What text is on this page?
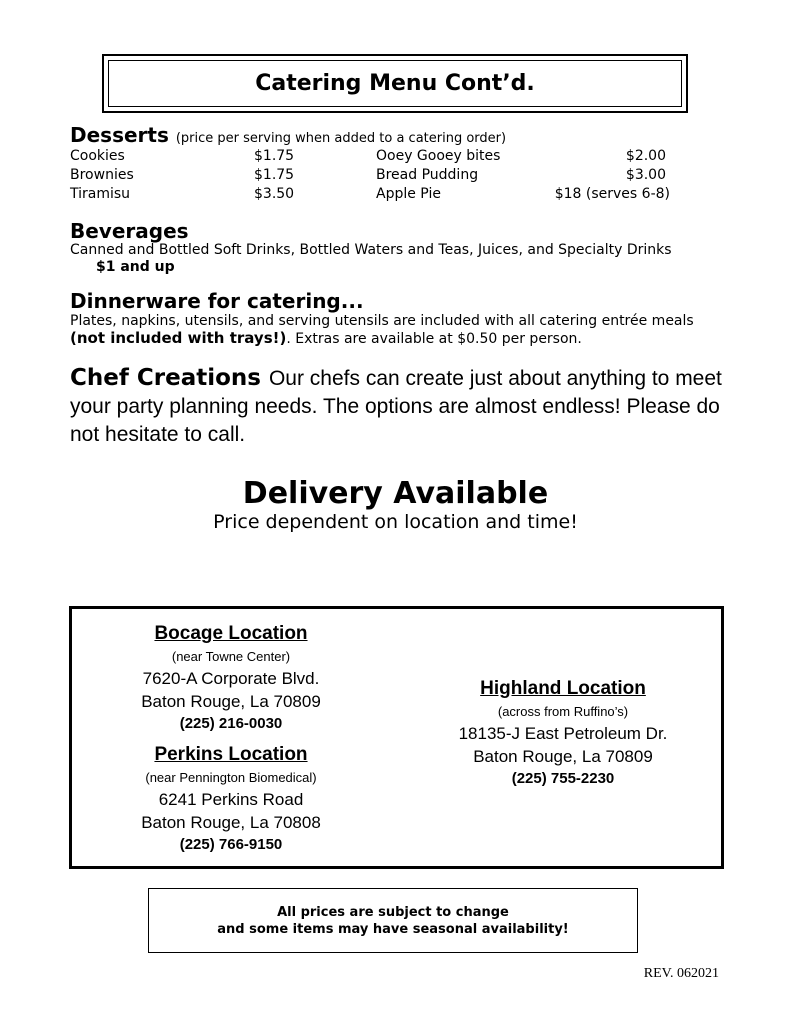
Catering Menu Cont’d.
Desserts (price per serving when added to a catering order)
Cookies	$1.75	Ooey Gooey bites	$2.00
Brownies	$1.75	Bread Pudding	$3.00
Tiramisu	$3.50	Apple Pie	$18 (serves 6-8)
Beverages
Canned and Bottled Soft Drinks, Bottled Waters and Teas, Juices, and Specialty Drinks $1 and up
Dinnerware for catering...
Plates, napkins, utensils, and serving utensils are included with all catering entrée meals (not included with trays!). Extras are available at $0.50 per person.
Chef Creations Our chefs can create just about anything to meet your party planning needs. The options are almost endless! Please do not hesitate to call.
Delivery Available
Price dependent on location and time!
Bocage Location
(near Towne Center)
7620-A Corporate Blvd.
Baton Rouge, La 70809
(225) 216-0030
Perkins Location
(near Pennington Biomedical)
6241 Perkins Road
Baton Rouge, La 70808
(225) 766-9150
Highland Location
(across from Ruffino’s)
18135-J East Petroleum Dr.
Baton Rouge, La 70809
(225) 755-2230
All prices are subject to change
and some items may have seasonal availability!
REV. 062021
